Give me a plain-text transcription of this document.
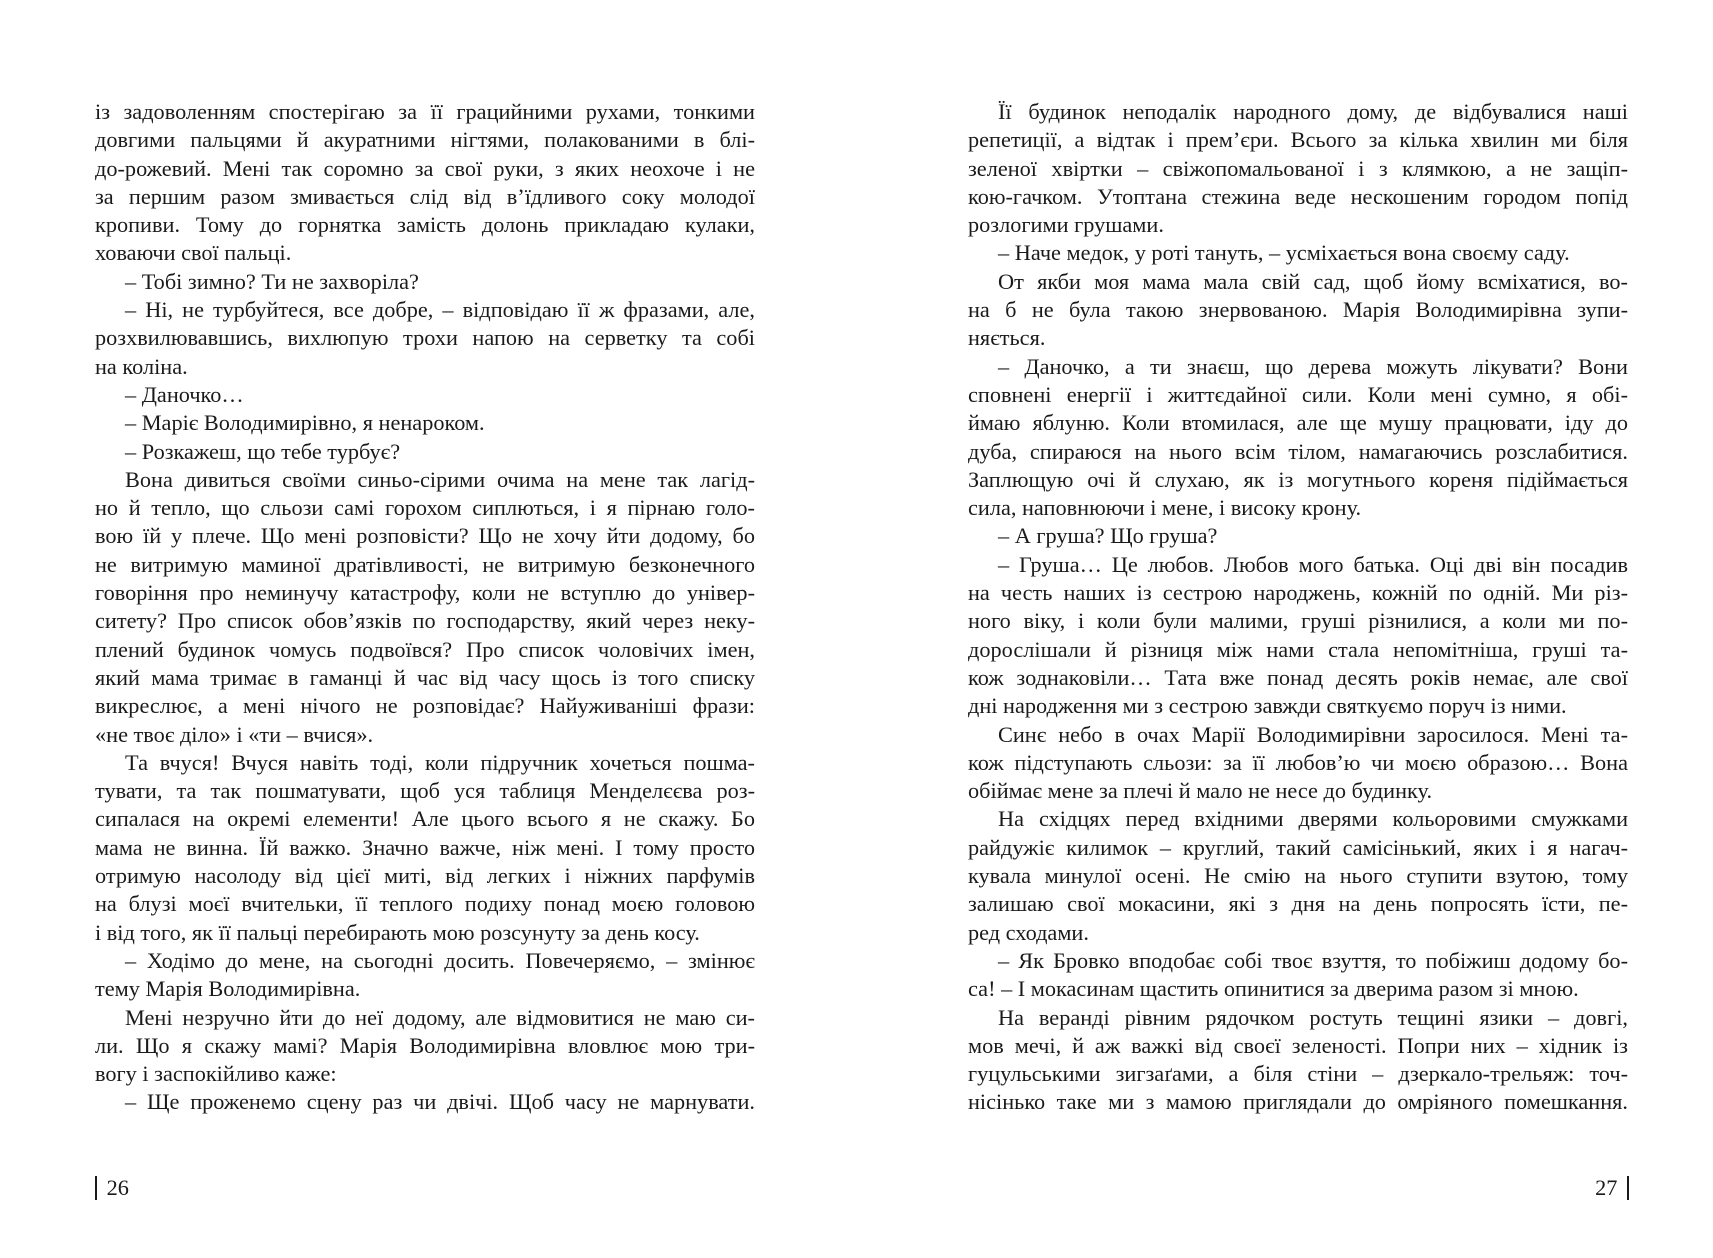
із задоволенням спостерігаю за її грацийними рухами, тонкими
довгими пальцями й акуратними нігтями, полакованими в блі-
до-рожевий. Мені так соромно за свої руки, з яких неохоче і не
за першим разом змивається слід від в’їдливого соку молодої
кропиви. Тому до горнятка замість долонь прикладаю кулаки,
ховаючи свої пальці.
– Тобі зимно? Ти не захворіла?
– Ні, не турбуйтеся, все добре, – відповідаю її ж фразами, але,
розхвилювавшись, вихлюпую трохи напою на серветку та собі
на коліна.
– Даночко…
– Маріє Володимирівно, я ненароком.
– Розкажеш, що тебе турбує?
Вона дивиться своїми синьо-сірими очима на мене так лагід-
но й тепло, що сльози самі горохом сиплються, і я пірнаю голо-
вою їй у плече. Що мені розповісти? Що не хочу йти додому, бо
не витримую маминої дратівливості, не витримую безконечного
говоріння про неминучу катастрофу, коли не вступлю до універ-
ситету? Про список обов’язків по господарству, який через неку-
плений будинок чомусь подвоївся? Про список чоловічих імен,
який мама тримає в гаманці й час від часу щось із того списку
викреслює, а мені нічого не розповідає? Найуживаніші фрази:
«не твоє діло» і «ти – вчися».
Та вчуся! Вчуся навіть тоді, коли підручник хочеться пошма-
тувати, та так пошматувати, щоб уся таблиця Менделєєва роз-
сипалася на окремі елементи! Але цього всього я не скажу. Бо
мама не винна. Їй важко. Значно важче, ніж мені. І тому просто
отримую насолоду від цієї миті, від легких і ніжних парфумів
на блузі моєї вчительки, її теплого подиху понад моєю головою
і від того, як її пальці перебирають мою розсунуту за день косу.
– Ходімо до мене, на сьогодні досить. Повечеряємо, – змінює
тему Марія Володимирівна.
Мені незручно йти до неї додому, але відмовитися не маю си-
ли. Що я скажу мамі? Марія Володимирівна вловлює мою три-
вогу і заспокійливо каже:
– Ще проженемо сцену раз чи двічі. Щоб часу не марнувати.
Її будинок неподалік народного дому, де відбувалися наші
репетиції, а відтак і прем’єри. Всього за кілька хвилин ми біля
зеленої хвіртки – свіжопомальованої і з клямкою, а не защіп-
кою-гачком. Утоптана стежина веде нескошеним городом попід
розлогими грушами.
– Наче медок, у роті тануть, – усміхається вона своєму саду.
От якби моя мама мала свій сад, щоб йому всміхатися, во-
на б не була такою знервованою. Марія Володимирівна зупи-
няється.
– Даночко, а ти знаєш, що дерева можуть лікувати? Вони
сповнені енергії і життєдайної сили. Коли мені сумно, я обі-
ймаю яблуню. Коли втомилася, але ще мушу працювати, іду до
дуба, спираюся на нього всім тілом, намагаючись розслабитися.
Заплющую очі й слухаю, як із могутнього кореня підіймається
сила, наповнюючи і мене, і високу крону.
– А груша? Що груша?
– Груша… Це любов. Любов мого батька. Оці дві він посадив
на честь наших із сестрою народжень, кожній по одній. Ми різ-
ного віку, і коли були малими, груші різнилися, а коли ми по-
дорослішали й різниця між нами стала непомітніша, груші та-
кож зоднаковіли… Тата вже понад десять років немає, але свої
дні народження ми з сестрою завжди святкуємо поруч із ними.
Синє небо в очах Марії Володимирівни заросилося. Мені та-
кож підступають сльози: за її любов’ю чи моєю образою… Вона
обіймає мене за плечі й мало не несе до будинку.
На східцях перед вхідними дверями кольоровими смужками
райдужіє килимок – круглий, такий самісінький, яких і я нагач-
кувала минулої осені. Не смію на нього ступити взутою, тому
залишаю свої мокасини, які з дня на день попросять їсти, пе-
ред сходами.
– Як Бровко вподобає собі твоє взуття, то побіжиш додому бо-
са! – І мокасинам щастить опинитися за дверима разом зі мною.
На веранді рівним рядочком ростуть тещині язики – довгі,
мов мечі, й аж важкі від своєї зеленості. Попри них – хідник із
гуцульськими зигзаґами, а біля стіни – дзеркало-трельяж: точ-
нісінько таке ми з мамою приглядали до омріяного помешкання.
26	27
